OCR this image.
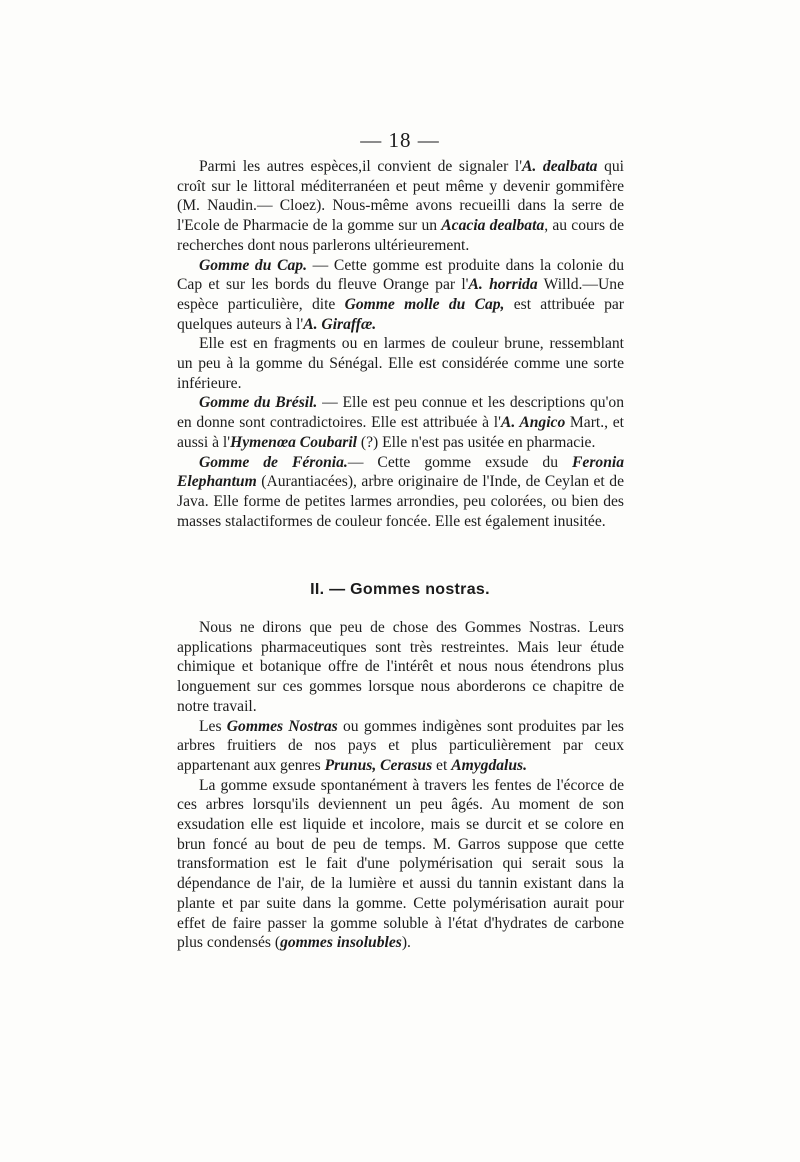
— 18 —

Parmi les autres espèces,il convient de signaler l'A. dealbata qui croît sur le littoral méditerranéen et peut même y devenir gommifère (M. Naudin.— Cloez). Nous-même avons recueilli dans la serre de l'Ecole de Pharmacie de la gomme sur un Acacia dealbata, au cours de recherches dont nous parlerons ultérieurement.

Gomme du Cap. — Cette gomme est produite dans la colonie du Cap et sur les bords du fleuve Orange par l'A. horrida Willd.—Une espèce particulière, dite Gomme molle du Cap, est attribuée par quelques auteurs à l'A. Giraffæ.

Elle est en fragments ou en larmes de couleur brune, ressemblant un peu à la gomme du Sénégal. Elle est considérée comme une sorte inférieure.

Gomme du Brésil. — Elle est peu connue et les descriptions qu'on en donne sont contradictoires. Elle est attribuée à l'A. Angico Mart., et aussi à l'Hymenœa Coubaril (?) Elle n'est pas usitée en pharmacie.

Gomme de Féronia.— Cette gomme exsude du Feronia Elephantum (Aurantiacées), arbre originaire de l'Inde, de Ceylan et de Java. Elle forme de petites larmes arrondies, peu colorées, ou bien des masses stalactiformes de couleur foncée. Elle est également inusitée.

II. — Gommes nostras.

Nous ne dirons que peu de chose des Gommes Nostras. Leurs applications pharmaceutiques sont très restreintes. Mais leur étude chimique et botanique offre de l'intérêt et nous nous étendrons plus longuement sur ces gommes lorsque nous aborderons ce chapitre de notre travail.

Les Gommes Nostras ou gommes indigènes sont produites par les arbres fruitiers de nos pays et plus particulièrement par ceux appartenant aux genres Prunus, Cerasus et Amygdalus.

La gomme exsude spontanément à travers les fentes de l'écorce de ces arbres lorsqu'ils deviennent un peu âgés. Au moment de son exsudation elle est liquide et incolore, mais se durcit et se colore en brun foncé au bout de peu de temps. M. Garros suppose que cette transformation est le fait d'une polymérisation qui serait sous la dépendance de l'air, de la lumière et aussi du tannin existant dans la plante et par suite dans la gomme. Cette polymérisation aurait pour effet de faire passer la gomme soluble à l'état d'hydrates de carbone plus condensés (gommes insolubles).
